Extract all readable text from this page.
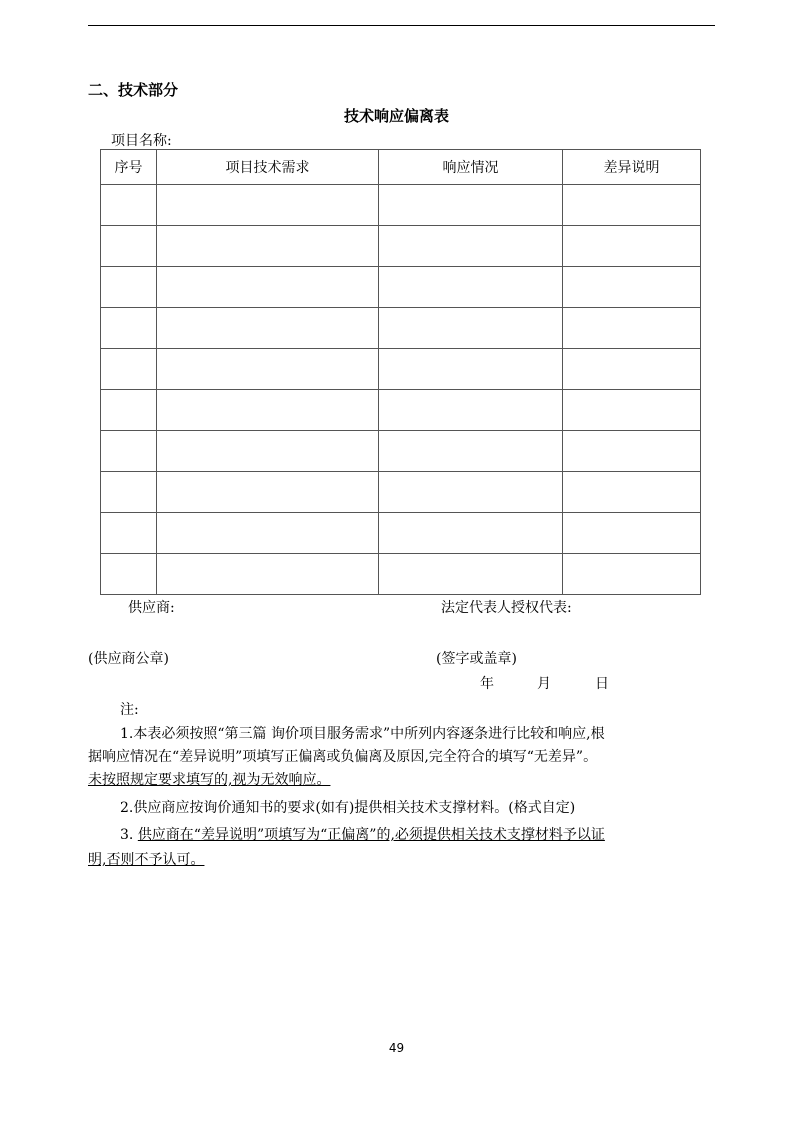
二、技术部分
技术响应偏离表
项目名称:
序号	项目技术需求	响应情况	差异说明

供应商:	法定代表人授权代表:
(供应商公章)	(签字或盖章)
年	月	日
注:
1.本表必须按照“第三篇 询价项目服务需求”中所列内容逐条进行比较和响应,根
据响应情况在“差异说明”项填写正偏离或负偏离及原因,完全符合的填写“无差异”。
未按照规定要求填写的,视为无效响应。
2.供应商应按询价通知书的要求(如有)提供相关技术支撑材料。(格式自定)
3. 供应商在“差异说明”项填写为“正偏离”的,必须提供相关技术支撑材料予以证
明,否则不予认可。
49
